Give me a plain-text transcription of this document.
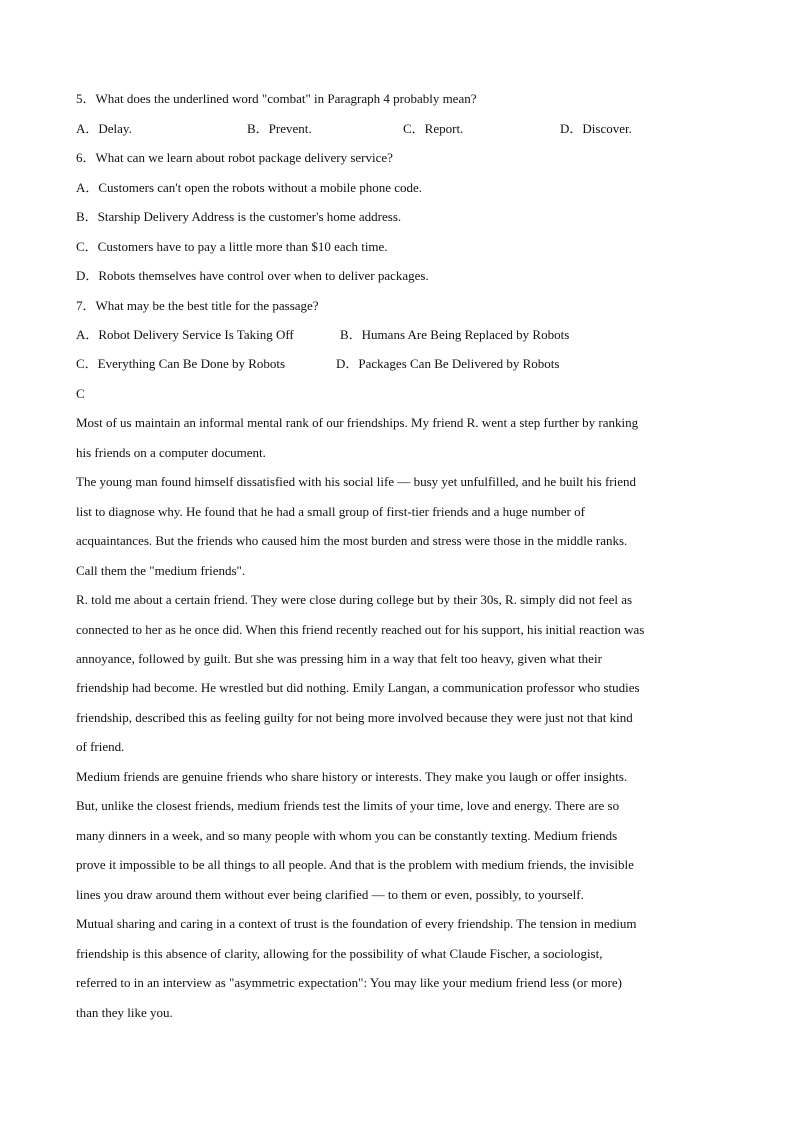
5．What does the underlined word "combat" in Paragraph 4 probably mean?
A．Delay.	B．Prevent.	C．Report.	D．Discover.
6．What can we learn about robot package delivery service?
A．Customers can't open the robots without a mobile phone code.
B．Starship Delivery Address is the customer's home address.
C．Customers have to pay a little more than $10 each time.
D．Robots themselves have control over when to deliver packages.
7．What may be the best title for the passage?
A．Robot Delivery Service Is Taking Off	B．Humans Are Being Replaced by Robots
C．Everything Can Be Done by Robots	D．Packages Can Be Delivered by Robots
C
Most of us maintain an informal mental rank of our friendships. My friend R. went a step further by ranking
his friends on a computer document.
The young man found himself dissatisfied with his social life — busy yet unfulfilled, and he built his friend
list to diagnose why. He found that he had a small group of first-tier friends and a huge number of
acquaintances. But the friends who caused him the most burden and stress were those in the middle ranks.
Call them the "medium friends".
R. told me about a certain friend. They were close during college but by their 30s, R. simply did not feel as
connected to her as he once did. When this friend recently reached out for his support, his initial reaction was
annoyance, followed by guilt. But she was pressing him in a way that felt too heavy, given what their
friendship had become. He wrestled but did nothing. Emily Langan, a communication professor who studies
friendship, described this as feeling guilty for not being more involved because they were just not that kind
of friend.
Medium friends are genuine friends who share history or interests. They make you laugh or offer insights.
But, unlike the closest friends, medium friends test the limits of your time, love and energy. There are so
many dinners in a week, and so many people with whom you can be constantly texting. Medium friends
prove it impossible to be all things to all people. And that is the problem with medium friends, the invisible
lines you draw around them without ever being clarified — to them or even, possibly, to yourself.
Mutual sharing and caring in a context of trust is the foundation of every friendship. The tension in medium
friendship is this absence of clarity, allowing for the possibility of what Claude Fischer, a sociologist,
referred to in an interview as "asymmetric expectation": You may like your medium friend less (or more)
than they like you.
